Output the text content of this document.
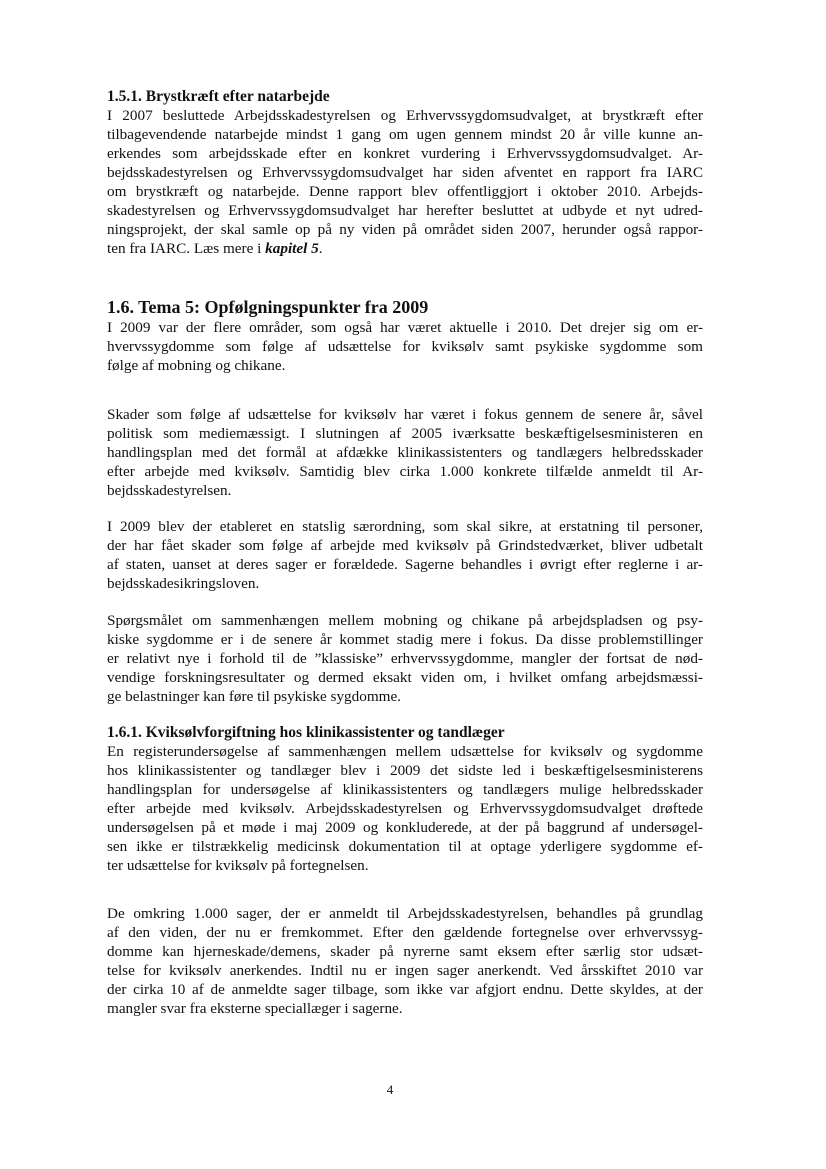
1.5.1. Brystkræft efter natarbejde

I 2007 besluttede Arbejdsskadestyrelsen og Erhvervssygdomsudvalget, at brystkræft efter
tilbagevendende natarbejde mindst 1 gang om ugen gennem mindst 20 år ville kunne an-
erkendes som arbejdsskade efter en konkret vurdering i Erhvervssygdomsudvalget. Ar-
bejdsskadestyrelsen og Erhvervssygdomsudvalget har siden afventet en rapport fra IARC
om brystkræft og natarbejde. Denne rapport blev offentliggjort i oktober 2010. Arbejds-
skadestyrelsen og Erhvervssygdomsudvalget har herefter besluttet at udbyde et nyt udred-
ningsprojekt, der skal samle op på ny viden på området siden 2007, herunder også rappor-
ten fra IARC. Læs mere i kapitel 5.

1.6. Tema 5: Opfølgningspunkter fra 2009

I 2009 var der flere områder, som også har været aktuelle i 2010. Det drejer sig om er-
hvervssygdomme som følge af udsættelse for kviksølv samt psykiske sygdomme som
følge af mobning og chikane.

Skader som følge af udsættelse for kviksølv har været i fokus gennem de senere år, såvel
politisk som mediemæssigt. I slutningen af 2005 iværksatte beskæftigelsesministeren en
handlingsplan med det formål at afdække klinikassistenters og tandlægers helbredsskader
efter arbejde med kviksølv. Samtidig blev cirka 1.000 konkrete tilfælde anmeldt til Ar-
bejdsskadestyrelsen.

I 2009 blev der etableret en statslig særordning, som skal sikre, at erstatning til personer,
der har fået skader som følge af arbejde med kviksølv på Grindstedværket, bliver udbetalt
af staten, uanset at deres sager er forældede. Sagerne behandles i øvrigt efter reglerne i ar-
bejdsskadesikringsloven.

Spørgsmålet om sammenhængen mellem mobning og chikane på arbejdspladsen og psy-
kiske sygdomme er i de senere år kommet stadig mere i fokus. Da disse problemstillinger
er relativt nye i forhold til de ”klassiske” erhvervssygdomme, mangler der fortsat de nød-
vendige forskningsresultater og dermed eksakt viden om, i hvilket omfang arbejdsmæssi-
ge belastninger kan føre til psykiske sygdomme.

1.6.1. Kviksølvforgiftning hos klinikassistenter og tandlæger

En registerundersøgelse af sammenhængen mellem udsættelse for kviksølv og sygdomme
hos klinikassistenter og tandlæger blev i 2009 det sidste led i beskæftigelsesministerens
handlingsplan for undersøgelse af klinikassistenters og tandlægers mulige helbredsskader
efter arbejde med kviksølv. Arbejdsskadestyrelsen og Erhvervssygdomsudvalget drøftede
undersøgelsen på et møde i maj 2009 og konkluderede, at der på baggrund af undersøgel-
sen ikke er tilstrækkelig medicinsk dokumentation til at optage yderligere sygdomme ef-
ter udsættelse for kviksølv på fortegnelsen.

De omkring 1.000 sager, der er anmeldt til Arbejdsskadestyrelsen, behandles på grundlag
af den viden, der nu er fremkommet. Efter den gældende fortegnelse over erhvervssyg-
domme kan hjerneskade/demens, skader på nyrerne samt eksem efter særlig stor udsæt-
telse for kviksølv anerkendes. Indtil nu er ingen sager anerkendt. Ved årsskiftet 2010 var
der cirka 10 af de anmeldte sager tilbage, som ikke var afgjort endnu. Dette skyldes, at der
mangler svar fra eksterne speciallæger i sagerne.

4
